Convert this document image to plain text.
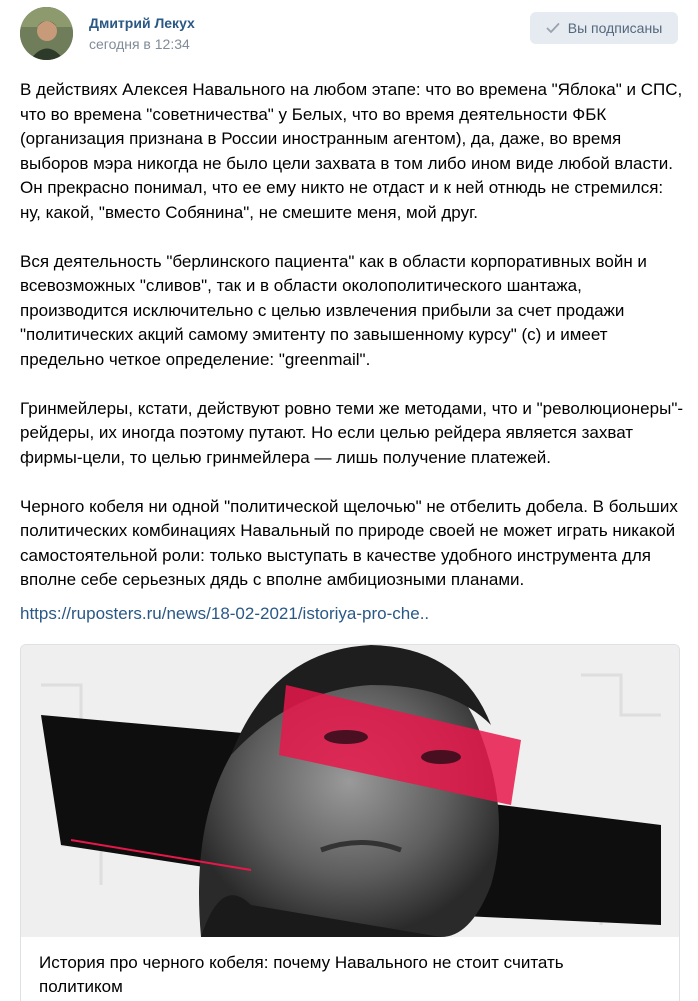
Дмитрий Лекух
сегодня в 12:34
Вы подписаны

В действиях Алексея Навального на любом этапе: что во времена "Яблока" и СПС, что во времена "советничества" у Белых, что во время деятельности ФБК (организация признана в России иностранным агентом), да, даже, во время выборов мэра никогда не было цели захвата в том либо ином виде любой власти. Он прекрасно понимал, что ее ему никто не отдаст и к ней отнюдь не стремился: ну, какой, "вместо Собянина", не смешите меня, мой друг.

Вся деятельность "берлинского пациента" как в области корпоративных войн и всевозможных "сливов", так и в области околополитического шантажа, производится исключительно с целью извлечения прибыли за счет продажи "политических акций самому эмитенту по завышенному курсу" (с) и имеет предельно четкое определение: "greenmail".

Гринмейлеры, кстати, действуют ровно теми же методами, что и "революционеры"-рейдеры, их иногда поэтому путают. Но если целью рейдера является захват фирмы-цели, то целью гринмейлера — лишь получение платежей.

Черного кобеля ни одной "политической щелочью" не отбелить добела. В больших политических комбинациях Навальный по природе своей не может играть никакой самостоятельной роли: только выступать в качестве удобного инструмента для вполне себе серьезных дядь с вполне амбициозными планами.

https://ruposters.ru/news/18-02-2021/istoriya-pro-che..
История про черного кобеля: почему Навального не стоит считать политиком
